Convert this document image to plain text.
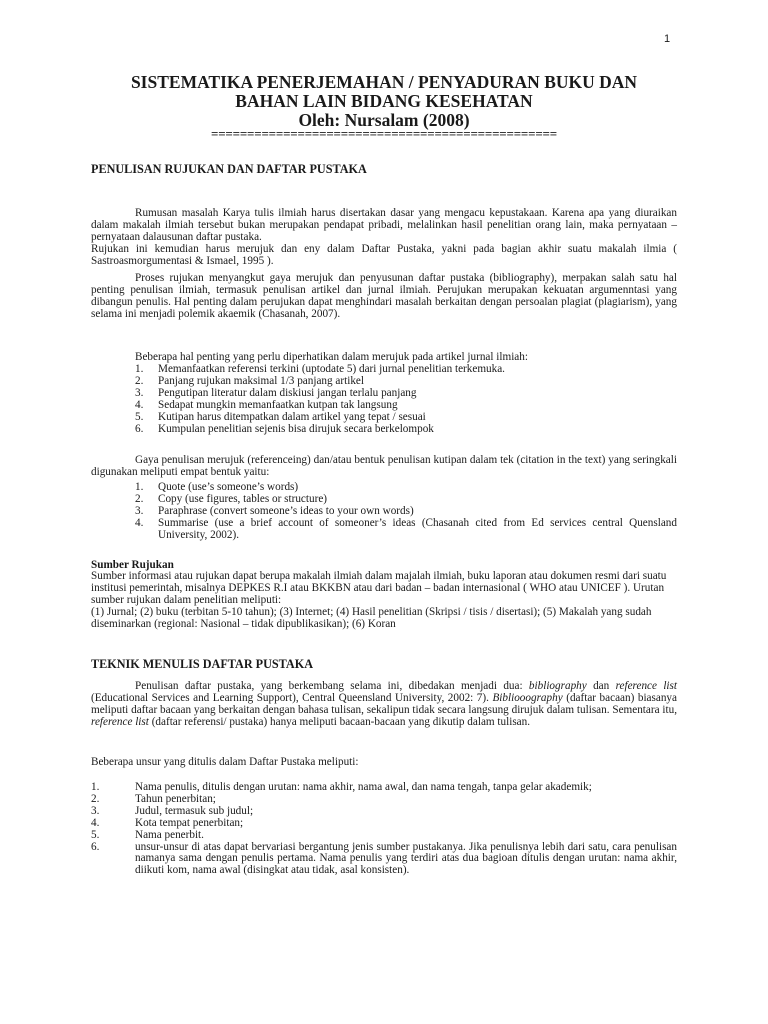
1
SISTEMATIKA PENERJEMAHAN / PENYADURAN BUKU DAN
BAHAN LAIN BIDANG KESEHATAN
Oleh: Nursalam (2008)
================================================
PENULISAN RUJUKAN DAN DAFTAR PUSTAKA

Rumusan masalah Karya tulis ilmiah harus disertakan dasar yang mengacu kepustakaan. Karena apa yang diuraikan dalam makalah ilmiah tersebut bukan merupakan pendapat pribadi, melalinkan hasil penelitian orang lain, maka pernyataan – pernyataan dalausunan daftar pustaka.

Rujukan ini kemudian harus merujuk dan eny dalam Daftar Pustaka, yakni pada bagian akhir suatu makalah ilmia ( Sastroasmorgumentasi & Ismael, 1995 ).

Proses rujukan menyangkut gaya merujuk dan penyusunan daftar pustaka (bibliography), merpakan salah satu hal penting penulisan ilmiah, termasuk penulisan artikel dan jurnal ilmiah. Perujukan merupakan kekuatan argumenntasi yang dibangun penulis. Hal penting dalam perujukan dapat menghindari masalah berkaitan dengan persoalan plagiat (plagiarism), yang selama ini menjadi polemik akaemik (Chasanah, 2007).

Beberapa hal penting yang perlu diperhatikan dalam merujuk pada artikel jurnal ilmiah:

1. Memanfaatkan referensi terkini (uptodate 5) dari jurnal penelitian terkemuka.
2. Panjang rujukan maksimal 1/3 panjang artikel
3. Pengutipan literatur dalam diskiusi jangan terlalu panjang
4. Sedapat mungkin memanfaatkan kutpan tak langsung
5. Kutipan harus ditempatkan dalam artikel yang tepat / sesuai
6. Kumpulan penelitian sejenis bisa dirujuk secara berkelompok

Gaya penulisan merujuk (referenceing) dan/atau bentuk penulisan kutipan dalam tek (citation in the text) yang seringkali digunakan meliputi empat bentuk yaitu:

1. Quote (use’s someone’s words)
2. Copy (use figures, tables or structure)
3. Paraphrase (convert someone’s ideas to your own words)
4. Summarise (use a brief account of someoner’s ideas (Chasanah cited from Ed services central Quensland University, 2002).
Sumber Rujukan

Sumber informasi atau rujukan dapat berupa makalah ilmiah dalam majalah ilmiah, buku laporan atau dokumen resmi dari suatu institusi pemerintah, misalnya DEPKES R.I atau BKKBN atau dari badan – badan internasional ( WHO atau UNICEF ). Urutan sumber rujukan dalam penelitian meliputi:

(1) Jurnal; (2) buku (terbitan 5-10 tahun); (3) Internet; (4) Hasil penelitian (Skripsi / tisis / disertasi); (5) Makalah yang sudah diseminarkan (regional: Nasional – tidak dipublikasikan); (6) Koran

TEKNIK MENULIS DAFTAR PUSTAKA

Penulisan daftar pustaka, yang berkembang selama ini, dibedakan menjadi dua: bibliography dan reference list (Educational Services and Learning Support), Central Queensland University, 2002: 7). Bibliooography (daftar bacaan) biasanya meliputi daftar bacaan yang berkaitan dengan bahasa tulisan, sekalipun tidak secara langsung dirujuk dalam tulisan. Sementara itu, reference list (daftar referensi/ pustaka) hanya meliputi bacaan-bacaan yang dikutip dalam tulisan.

Beberapa unsur yang ditulis dalam Daftar Pustaka meliputi:

1.	Nama penulis, ditulis dengan urutan: nama akhir, nama awal, dan nama tengah, tanpa gelar akademik;
2.	Tahun penerbitan;
3.	Judul, termasuk sub judul;
4.	Kota tempat penerbitan;
5.	Nama penerbit.
6.	unsur-unsur di atas dapat bervariasi bergantung jenis sumber pustakanya. Jika penulisnya lebih dari satu, cara penulisan namanya sama dengan penulis pertama. Nama penulis yang terdiri atas dua bagioan ditulis dengan urutan: nama akhir, diikuti kom, nama awal (disingkat atau tidak, asal konsisten).
